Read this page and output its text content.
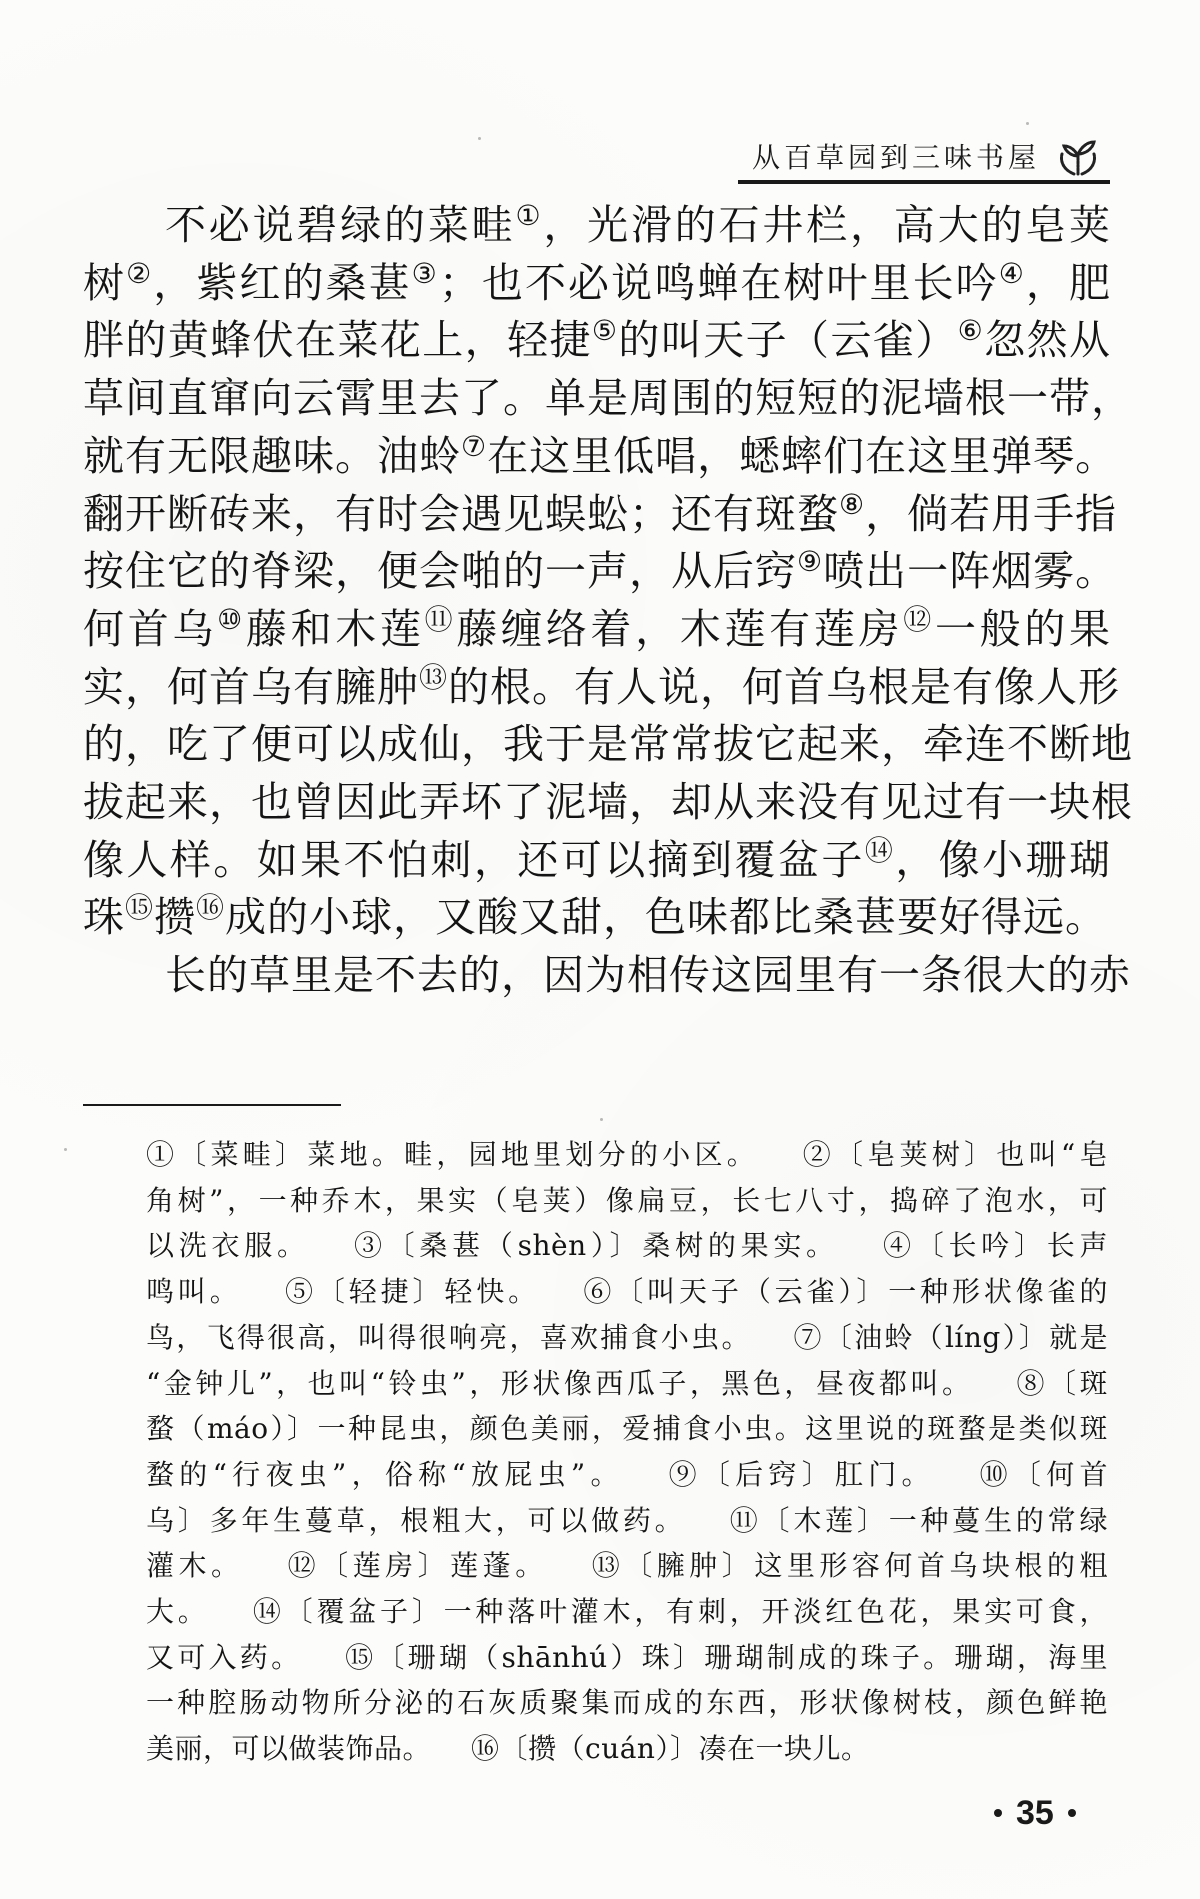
从百草园到三味书屋
不必说碧绿的菜畦①，光滑的石井栏，高大的皂荚
树②，紫红的桑葚③；也不必说鸣蝉在树叶里长吟④，肥
胖的黄蜂伏在菜花上，轻捷⑤的叫天子（云雀）⑥忽然从
草间直窜向云霄里去了。单是周围的短短的泥墙根一带，
就有无限趣味。油蛉⑦在这里低唱，蟋蟀们在这里弹琴。
翻开断砖来，有时会遇见蜈蚣；还有斑蝥⑧，倘若用手指
按住它的脊梁，便会啪的一声，从后窍⑨喷出一阵烟雾。
何首乌⑩藤和木莲⑪藤缠络着，木莲有莲房⑫一般的果
实，何首乌有臃肿⑬的根。有人说，何首乌根是有像人形
的，吃了便可以成仙，我于是常常拔它起来，牵连不断地
拔起来，也曾因此弄坏了泥墙，却从来没有见过有一块根
像人样。如果不怕刺，还可以摘到覆盆子⑭，像小珊瑚
珠⑮攒⑯成的小球，又酸又甜，色味都比桑葚要好得远。
长的草里是不去的，因为相传这园里有一条很大的赤
①〔菜畦〕菜地。畦，园地里划分的小区。 ②〔皂荚树〕也叫“皂
角树”，一种乔木，果实（皂荚）像扁豆，长七八寸，捣碎了泡水，可
以洗衣服。 ③〔桑葚（shèn）〕桑树的果实。 ④〔长吟〕长声
鸣叫。 ⑤〔轻捷〕轻快。 ⑥〔叫天子（云雀）〕一种形状像雀的
鸟，飞得很高，叫得很响亮，喜欢捕食小虫。 ⑦〔油蛉（líng）〕就是
“金钟儿”，也叫“铃虫”，形状像西瓜子，黑色，昼夜都叫。 ⑧〔斑
蝥（máo）〕一种昆虫，颜色美丽，爱捕食小虫。这里说的斑蝥是类似斑
蝥的“行夜虫”，俗称“放屁虫”。 ⑨〔后窍〕肛门。 ⑩〔何首
乌〕多年生蔓草，根粗大，可以做药。 ⑪〔木莲〕一种蔓生的常绿
灌木。 ⑫〔莲房〕莲蓬。 ⑬〔臃肿〕这里形容何首乌块根的粗
大。 ⑭〔覆盆子〕一种落叶灌木，有刺，开淡红色花，果实可食，
又可入药。 ⑮〔珊瑚（shānhú）珠〕珊瑚制成的珠子。珊瑚，海里
一种腔肠动物所分泌的石灰质聚集而成的东西，形状像树枝，颜色鲜艳
美丽，可以做装饰品。 ⑯〔攒（cuán）〕凑在一块儿。
35
